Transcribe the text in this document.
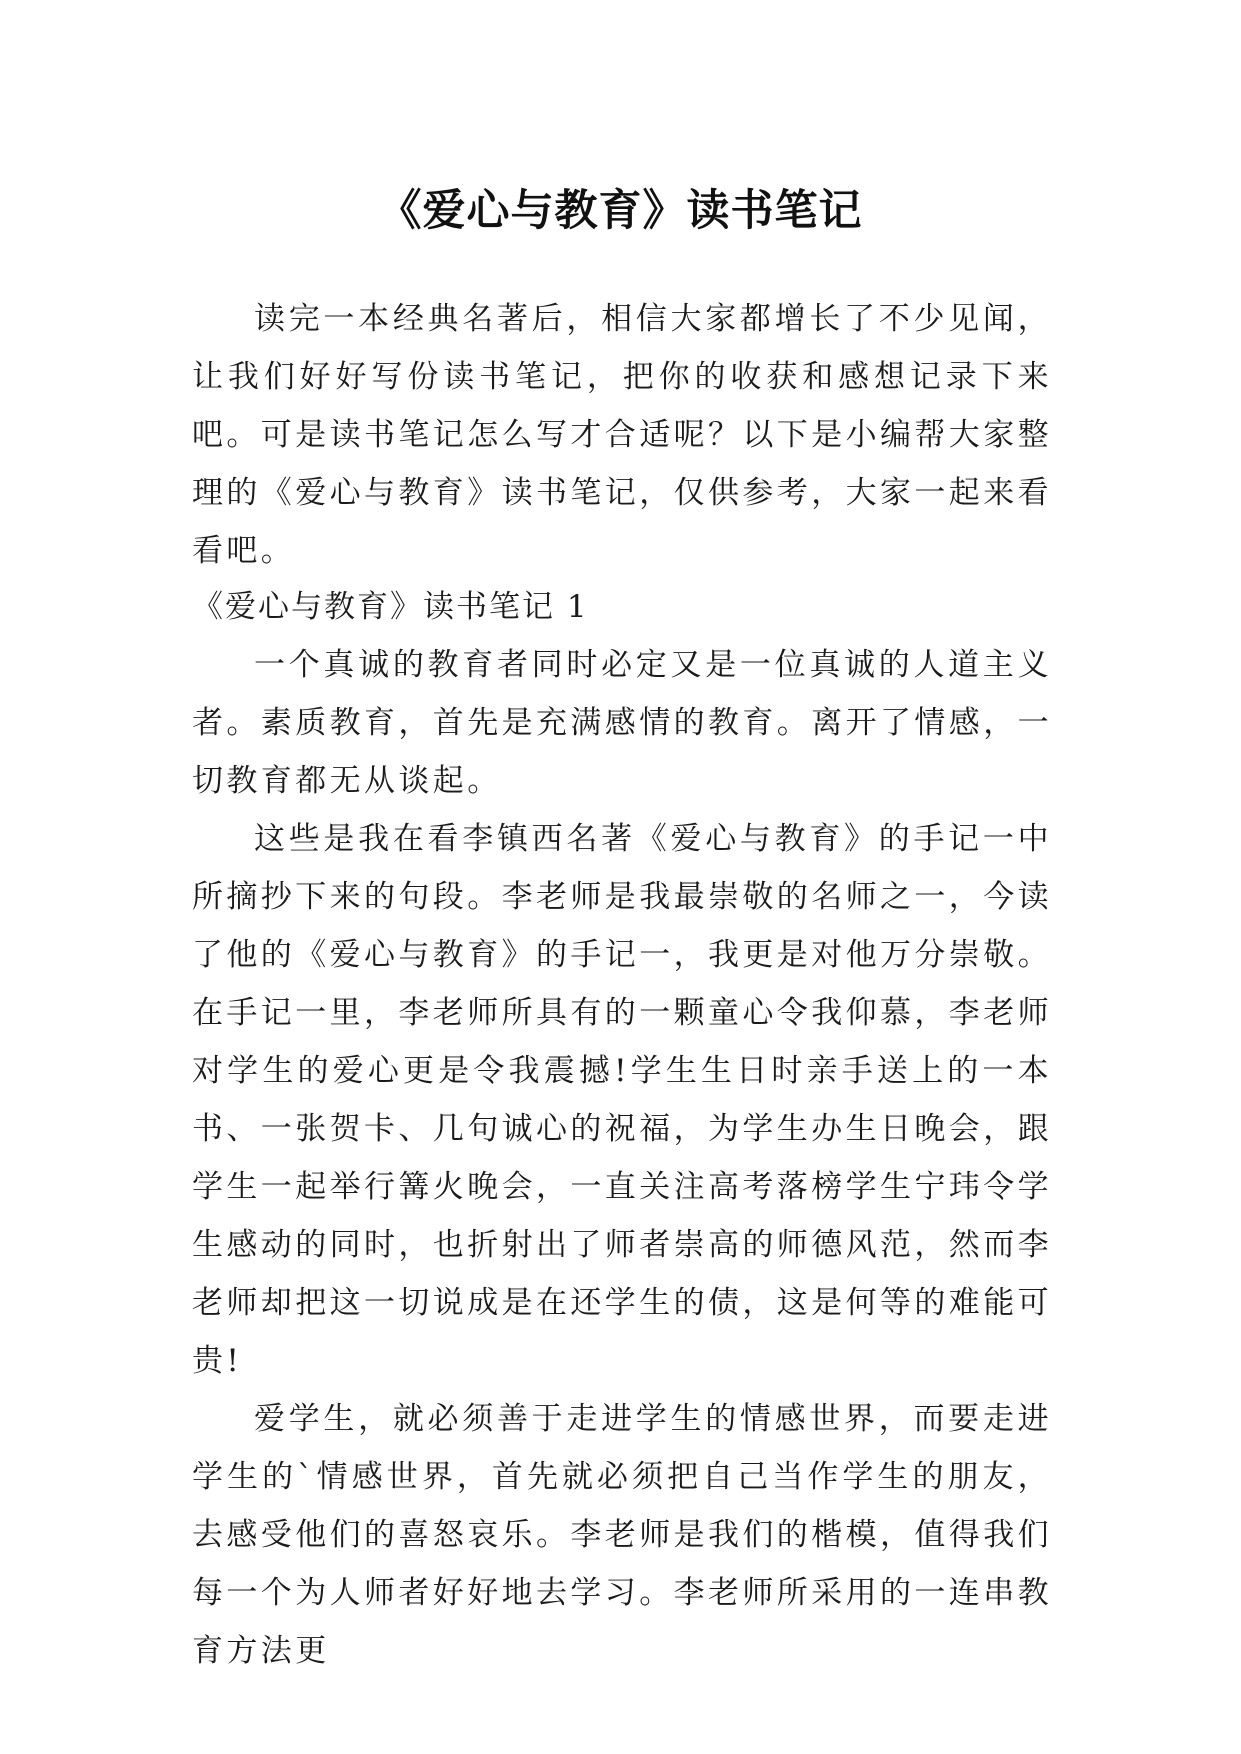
《爱心与教育》读书笔记

读完一本经典名著后，相信大家都增长了不少见闻，让我们好好写份读书笔记，把你的收获和感想记录下来吧。可是读书笔记怎么写才合适呢？以下是小编帮大家整理的《爱心与教育》读书笔记，仅供参考，大家一起来看看吧。

《爱心与教育》读书笔记 1

一个真诚的教育者同时必定又是一位真诚的人道主义者。素质教育，首先是充满感情的教育。离开了情感，一切教育都无从谈起。

这些是我在看李镇西名著《爱心与教育》的手记一中所摘抄下来的句段。李老师是我最崇敬的名师之一，今读了他的《爱心与教育》的手记一，我更是对他万分崇敬。在手记一里，李老师所具有的一颗童心令我仰慕，李老师对学生的爱心更是令我震撼!学生生日时亲手送上的一本书、一张贺卡、几句诚心的祝福，为学生办生日晚会，跟学生一起举行篝火晚会，一直关注高考落榜学生宁玮令学生感动的同时，也折射出了师者崇高的师德风范，然而李老师却把这一切说成是在还学生的债，这是何等的难能可贵!

爱学生，就必须善于走进学生的情感世界，而要走进学生的`情感世界，首先就必须把自己当作学生的朋友，去感受他们的喜怒哀乐。李老师是我们的楷模，值得我们每一个为人师者好好地去学习。李老师所采用的一连串教育方法更
